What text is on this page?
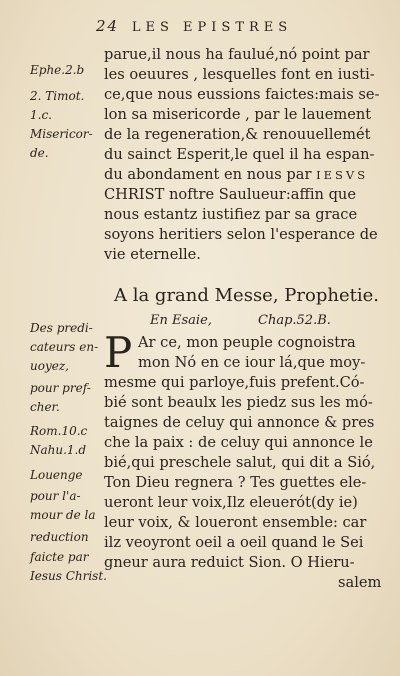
24 LES EPISTRES
Ephe.2.b
2. Timot.
1.c.
Misericor-
de.
Des predi-
cateurs en-
uoyez,
pour pref-
cher.
Rom.10.c
Nahu.1.d
Louenge
pour l'a-
mour de la
reduction
faicte par
Iesus Christ.
parue,il nous ha faulué,nó point par
les oeuures , lesquelles font en iusti-
ce,que nous eussions faictes:mais se-
lon sa misericorde , par le lauement
de la regeneration,& renouuellemét
du sainct Esperit,le quel il ha espan-
du abondament en nous par IESVS
CHRIST noftre Saulueur:affin que
nous estantz iustifiez par sa grace
soyons heritiers selon l'esperance de
vie eternelle.
A la grand Messe, Prophetie.
En Esaie,	Chap.52.B.
P Ar ce, mon peuple cognoistra
mon Nó en ce iour lá,que moy-
mesme qui parloye,fuis prefent.Có-
bié sont beaulx les piedz sus les mó-
taignes de celuy qui annonce & pres
che la paix : de celuy qui annonce le
bié,qui preschele salut, qui dit a Sió,
Ton Dieu regnera ? Tes guettes ele-
ueront leur voix,Ilz eleuerót(dy ie)
leur voix, & loueront ensemble: car
ilz veoyront oeil a oeil quand le Sei
gneur aura reduict Sion. O Hieru-
salem
